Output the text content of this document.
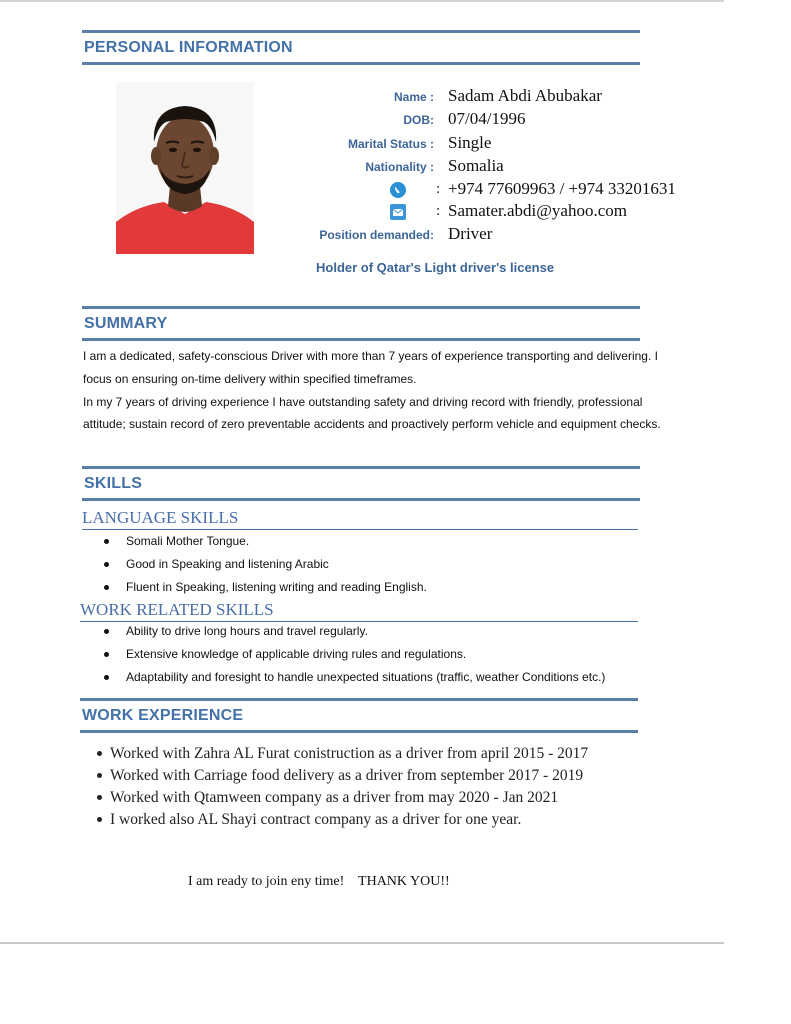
PERSONAL INFORMATION
Name : Sadam Abdi Abubakar
DOB: 07/04/1996
Marital Status : Single
Nationality : Somalia
: +974 77609963 / +974 33201631
: Samater.abdi@yahoo.com
Position demanded: Driver
Holder of Qatar's Light driver's license
SUMMARY

I am a dedicated, safety-conscious Driver with more than 7 years of experience transporting and delivering. I focus on ensuring on-time delivery within specified timeframes.

In my 7 years of driving experience I have outstanding safety and driving record with friendly, professional attitude; sustain record of zero preventable accidents and proactively perform vehicle and equipment checks.

SKILLS
LANGUAGE SKILLS
Somali Mother Tongue.
Good in Speaking and listening Arabic
Fluent in Speaking, listening writing and reading English.
WORK RELATED SKILLS
Ability to drive long hours and travel regularly.
Extensive knowledge of applicable driving rules and regulations.
Adaptability and foresight to handle unexpected situations (traffic, weather Conditions etc.)
WORK EXPERIENCE
Worked with Zahra AL Furat conistruction as a driver from april 2015 - 2017
Worked with Carriage food delivery as a driver from september 2017 - 2019
Worked with Qtamween company as a driver from may 2020 - Jan 2021
I worked also AL Shayi contract company as a driver for one year.
I am ready to join eny time!    THANK YOU!!
